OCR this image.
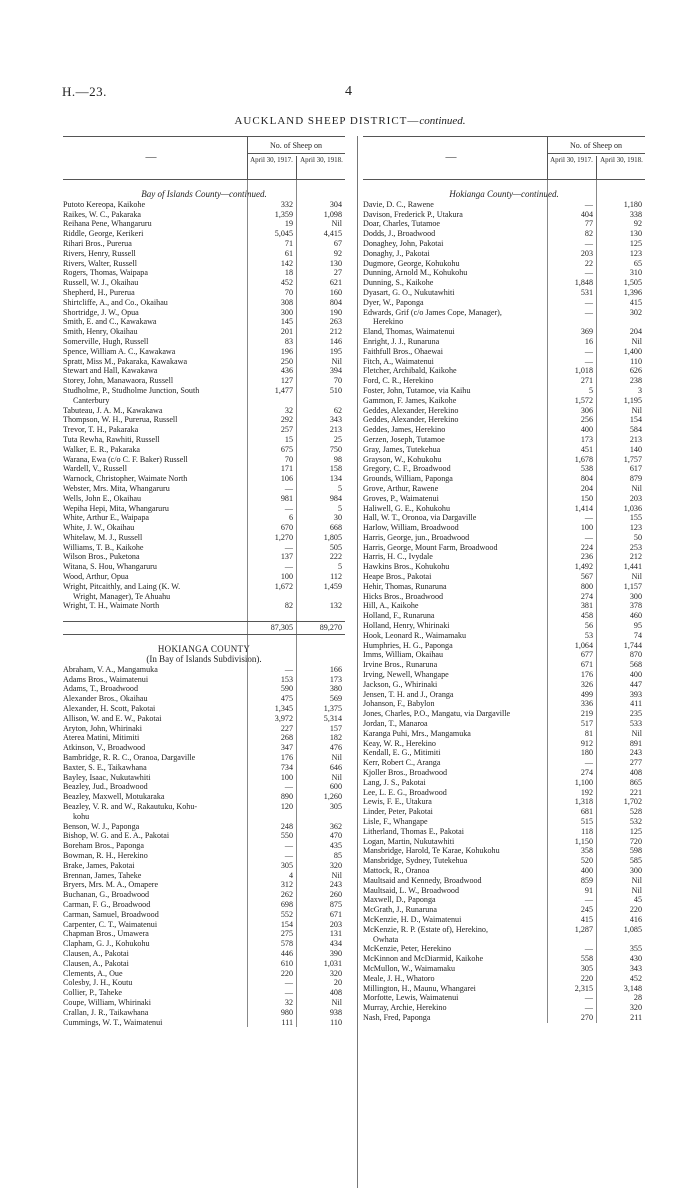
H.—23.	4
AUCKLAND SHEEP DISTRICT—continued.
—
No. of Sheep on
April 30, 1917.	April 30, 1918.
Bay of Islands County—continued.
Putoto Kereopa, Kaikohe	332	304
Raikes, W. C., Pakaraka	1,359	1,098
Reihana Pene, Whangaruru	19	Nil
Riddle, George, Kerikeri	5,045	4,415
Rihari Bros., Purerua	71	67
Rivers, Henry, Russell	61	92
Rivers, Walter, Russell	142	130
Rogers, Thomas, Waipapa	18	27
Russell, W. J., Okaihau	452	621
Shepherd, H., Purerua	70	160
Shirtcliffe, A., and Co., Okaihau	308	804
Shortridge, J. W., Opua	300	190
Smith, E. and C., Kawakawa	145	263
Smith, Henry, Okaihau	201	212
Somerville, Hugh, Russell	83	146
Spence, William A. C., Kawakawa	196	195
Spratt, Miss M., Pakaraka, Kawakawa	250	Nil
Stewart and Hall, Kawakawa	436	394
Storey, John, Manawaora, Russell	127	70
Studholme, P., Studholme Junction, South	1,477	510
Canterbury
Tabuteau, J. A. M., Kawakawa	32	62
Thompson, W. H., Purerua, Russell	292	343
Trevor, T. H., Pakaraka	257	213
Tuta Rewha, Rawhiti, Russell	15	25
Walker, E. R., Pakaraka	675	750
Warana, Ewa (c/o C. F. Baker) Russell	70	98
Wardell, V., Russell	171	158
Warnock, Christopher, Waimate North	106	134
Webster, Mrs. Mita, Whangaruru	—	5
Wells, John E., Okaihau	981	984
Wepiha Hepi, Mita, Whangaruru	—	5
White, Arthur E., Waipapa	6	30
White, J. W., Okaihau	670	668
Whitelaw, M. J., Russell	1,270	1,805
Williams, T. B., Kaikohe	—	505
Wilson Bros., Puketona	137	222
Witana, S. Hou, Whangaruru	—	5
Wood, Arthur, Opua	100	112
Wright, Pitcaithly, and Laing (K. W.	1,672	1,459
Wright, Manager), Te Ahuahu
Wright, T. H., Waimate North	82	132
87,305	89,270
HOKIANGA COUNTY
(In Bay of Islands Subdivision).
Abraham, V. A., Mangamuka	—	166
Adams Bros., Waimatenui	153	173
Adams, T., Broadwood	590	380
Alexander Bros., Okaihau	475	569
Alexander, H. Scott, Pakotai	1,345	1,375
Allison, W. and E. W., Pakotai	3,972	5,314
Aryton, John, Whirinaki	227	157
Aterea Matini, Mitimiti	268	182
Atkinson, V., Broadwood	347	476
Bambridge, R. R. C., Oranoa, Dargaville	176	Nil
Baxter, S. E., Taikawhana	734	646
Bayley, Isaac, Nukutawhiti	100	Nil
Beazley, Jud., Broadwood	—	600
Beazley, Maxwell, Motukaraka	890	1,260
Beazley, V. R. and W., Rakautuku, Kohu-	120	305
kohu
Benson, W. J., Paponga	248	362
Bishop, W. G. and E. A., Pakotai	550	470
Boreham Bros., Paponga	—	435
Bowman, R. H., Herekino	—	85
Brake, James, Pakotai	305	320
Brennan, James, Taheke	4	Nil
Bryers, Mrs. M. A., Omapere	312	243
Buchanan, G., Broadwood	262	260
Carman, F. G., Broadwood	698	875
Carman, Samuel, Broadwood	552	671
Carpenter, C. T., Waimatenui	154	203
Chapman Bros., Umawera	275	131
Clapham, G. J., Kohukohu	578	434
Clausen, A., Pakotai	446	390
Clausen, A., Pakotai	610	1,031
Clements, A., Oue	220	320
Colesby, J. H., Koutu	—	20
Collier, P., Taheke	—	408
Coupe, William, Whirinaki	32	Nil
Crallan, J. R., Taikawhana	980	938
Cummings, W. T., Waimatenui	111	110
—
No. of Sheep on
April 30, 1917.	April 30, 1918.
Hokianga County—continued.
Davie, D. C., Rawene	—	1,180
Davison, Frederick P., Utakura	404	338
Doar, Charles, Tutamoe	77	92
Dodds, J., Broadwood	82	130
Donaghey, John, Pakotai	—	125
Donaghy, J., Pakotai	203	123
Dugmore, George, Kohukohu	22	65
Dunning, Arnold M., Kohukohu	—	310
Dunning, S., Kaikohe	1,848	1,505
Dyasart, G. O., Nukutawhiti	531	1,396
Dyer, W., Paponga	—	415
Edwards, Grif (c/o James Cope, Manager),	—	302
Herekino
Eland, Thomas, Waimatenui	369	204
Enright, J. J., Runaruna	16	Nil
Faithfull Bros., Ohaewai	—	1,400
Fitch, A., Waimatenui	—	110
Fletcher, Archibald, Kaikohe	1,018	626
Ford, C. R., Herekino	271	238
Foster, John, Tutamoe, via Kaihu	5	3
Gammon, F. James, Kaikohe	1,572	1,195
Geddes, Alexander, Herekino	306	Nil
Geddes, Alexander, Herekino	256	154
Geddes, James, Herekino	400	584
Gerzen, Joseph, Tutamoe	173	213
Gray, James, Tutekehua	451	140
Grayson, W., Kohukohu	1,678	1,757
Gregory, C. F., Broadwood	538	617
Grounds, William, Paponga	804	879
Grove, Arthur, Rawene	204	Nil
Groves, P., Waimatenui	150	203
Haliwell, G. E., Kohukohu	1,414	1,036
Hall, W. T., Oronoa, via Dargaville	—	155
Harlow, William, Broadwood	100	123
Harris, George, jun., Broadwood	—	50
Harris, George, Mount Farm, Broadwood	224	253
Harris, H. C., Ivydale	236	212
Hawkins Bros., Kohukohu	1,492	1,441
Heape Bros., Pakotai	567	Nil
Hehir, Thomas, Runaruna	800	1,157
Hicks Bros., Broadwood	274	300
Hill, A., Kaikohe	381	378
Holland, F., Runaruna	458	460
Holland, Henry, Whirinaki	56	95
Hook, Leonard R., Waimamaku	53	74
Humphries, H. G., Paponga	1,064	1,744
Imms, William, Okaihau	677	870
Irvine Bros., Runaruna	671	568
Irving, Newell, Whangape	176	400
Jackson, G., Whirinaki	326	447
Jensen, T. H. and J., Oranga	499	393
Johanson, F., Babylon	336	411
Jones, Charles, P.O., Mangatu, via Dargaville	219	235
Jordan, T., Manaroa	517	533
Karanga Puhi, Mrs., Mangamuka	81	Nil
Keay, W. R., Herekino	912	891
Kendall, E. G., Mitimiti	180	243
Kerr, Robert C., Aranga	—	277
Kjoller Bros., Broadwood	274	408
Lang, J. S., Pakotai	1,100	865
Lee, L. E. G., Broadwood	192	221
Lewis, F. E., Utakura	1,318	1,702
Linder, Peter, Pakotai	681	528
Lisle, F., Whangape	515	532
Litherland, Thomas E., Pakotai	118	125
Logan, Martin, Nukutawhiti	1,150	720
Mansbridge, Harold, Te Karae, Kohukohu	358	598
Mansbridge, Sydney, Tutekehua	520	585
Mattock, R., Oranoa	400	300
Maultsaid and Kennedy, Broadwood	859	Nil
Maultsaid, L. W., Broadwood	91	Nil
Maxwell, D., Paponga	—	45
McGrath, J., Runaruna	245	220
McKenzie, H. D., Waimatenui	415	416
McKenzie, R. P. (Estate of), Herekino,	1,287	1,085
Owhata
McKenzie, Peter, Herekino	—	355
McKinnon and McDiarmid, Kaikohe	558	430
McMullon, W., Waimamaku	305	343
Meale, J. H., Whatoro	220	452
Millington, H., Maunu, Whangarei	2,315	3,148
Morfotte, Lewis, Waimatenui	—	28
Murray, Archie, Herekino	—	320
Nash, Fred, Paponga	270	211
